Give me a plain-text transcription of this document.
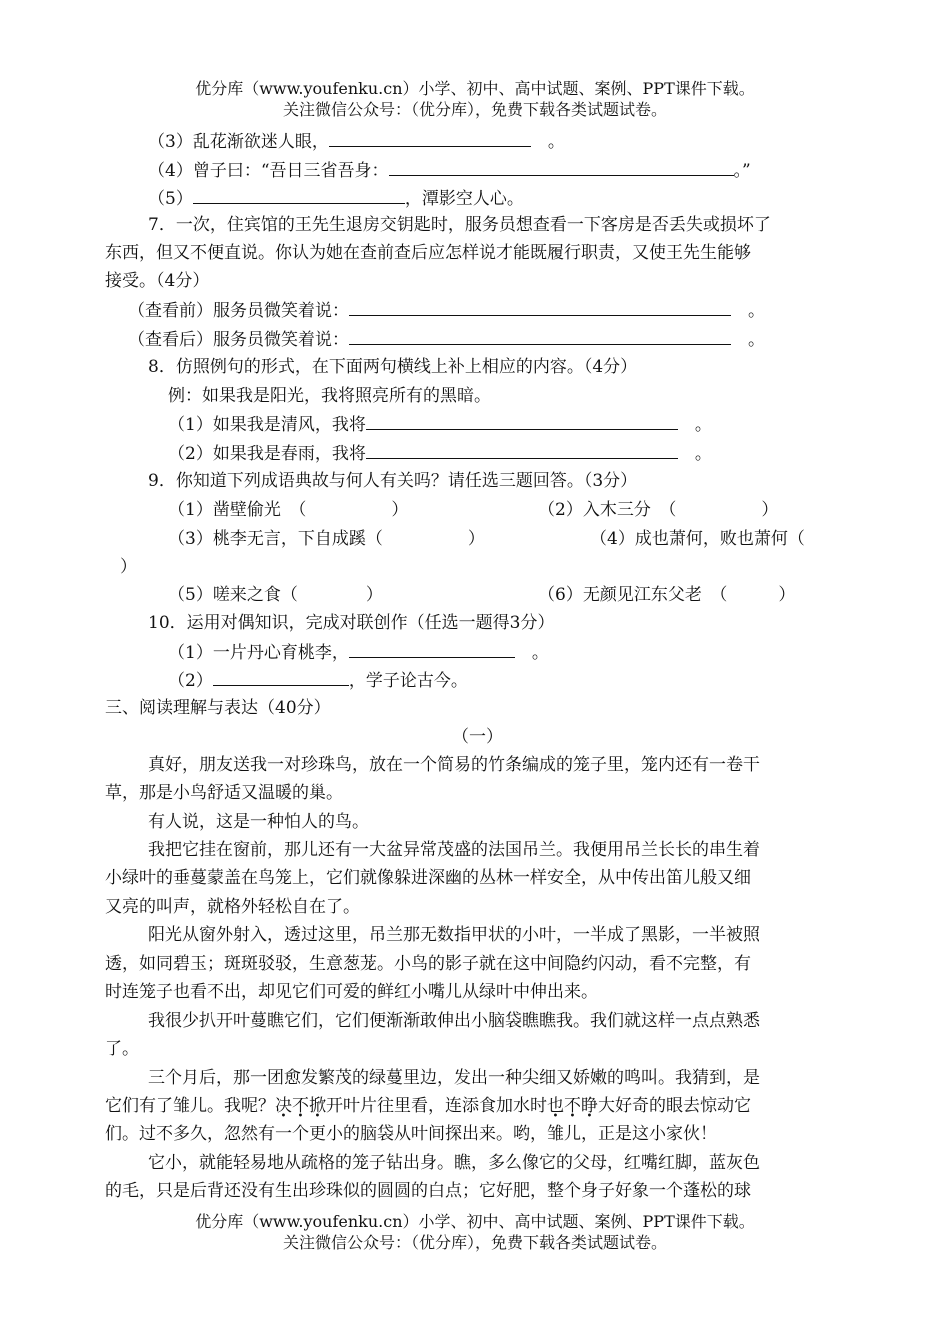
优分库（www.youfenku.cn）小学、初中、高中试题、案例、PPT课件下载。
关注微信公众号：（优分库），免费下载各类试题试卷。
（3）乱花渐欲迷人眼，　	。
（4）曾子曰：“吾日三省吾身：	。”
（5）	，潭影空人心。
7．一次，住宾馆的王先生退房交钥匙时，服务员想查看一下客房是否丢失或损坏了
东西，但又不便直说。你认为她在查前查后应怎样说才能既履行职责，又使王先生能够
接受。（4分）
（查看前）服务员微笑着说：　	。
（查看后）服务员微笑着说：　	。
8．仿照例句的形式，在下面两句横线上补上相应的内容。（4分）
例：如果我是阳光，我将照亮所有的黑暗。
（1）如果我是清风，我将　	。
（2）如果我是春雨，我将　	。
9．你知道下列成语典故与何人有关吗？请任选三题回答。（3分）
（1）凿壁偷光　（　　　　　）	（2）入木三分　（　　　　　）
（3）桃李无言，下自成蹊（　　　　　）	（4）成也萧何，败也萧何（
）
（5）嗟来之食（　　　　）	（6）无颜见江东父老　（　　　）
10．运用对偶知识，完成对联创作（任选一题得3分）
（1）一片丹心育桃李，　	。
（2）	，学子论古今。
三、阅读理解与表达（40分）
（一）
真好，朋友送我一对珍珠鸟，放在一个简易的竹条编成的笼子里，笼内还有一卷干
草，那是小鸟舒适又温暖的巢。
有人说，这是一种怕人的鸟。
我把它挂在窗前，那儿还有一大盆异常茂盛的法国吊兰。我便用吊兰长长的串生着
小绿叶的垂蔓蒙盖在鸟笼上，它们就像躲进深幽的丛林一样安全，从中传出笛儿般又细
又亮的叫声，就格外轻松自在了。
阳光从窗外射入，透过这里，吊兰那无数指甲状的小叶，一半成了黑影，一半被照
透，如同碧玉；斑斑驳驳，生意葱茏。小鸟的影子就在这中间隐约闪动，看不完整，有
时连笼子也看不出，却见它们可爱的鲜红小嘴儿从绿叶中伸出来。
我很少扒开叶蔓瞧它们，它们便渐渐敢伸出小脑袋瞧瞧我。我们就这样一点点熟悉
了。
三个月后，那一团愈发繁茂的绿蔓里边，发出一种尖细又娇嫩的鸣叫。我猜到，是
它们有了雏儿。我呢？决不掀开叶片往里看，连添食加水时也不睁大好奇的眼去惊动它
们。过不多久，忽然有一个更小的脑袋从叶间探出来。哟，雏儿，正是这小家伙！
它小，就能轻易地从疏格的笼子钻出身。瞧，多么像它的父母，红嘴红脚，蓝灰色
的毛，只是后背还没有生出珍珠似的圆圆的白点；它好肥，整个身子好象一个蓬松的球
优分库（www.youfenku.cn）小学、初中、高中试题、案例、PPT课件下载。
关注微信公众号：（优分库），免费下载各类试题试卷。
